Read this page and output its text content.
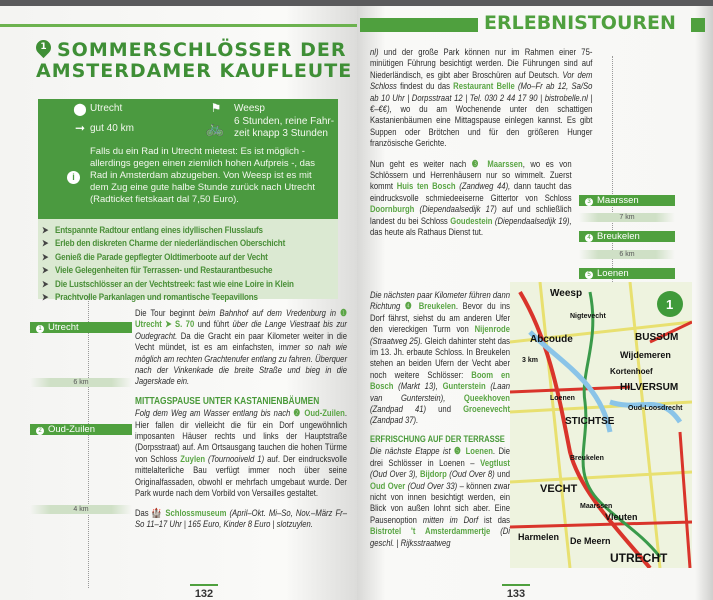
1 SOMMERSCHLÖSSER DER
AMSTERDAMER KAUFLEUTE
⬤ Utrecht
➞ gut 40 km
⚑ Weesp
🚲 6 Stunden, reine Fahr-
zeit knapp 3 Stunden
i
Falls du ein Rad in Utrecht mietest: Es ist möglich -
allerdings gegen einen ziemlich hohen Aufpreis -, das
Rad in Amsterdam abzugeben. Von Weesp ist es mit
dem Zug eine gute halbe Stunde zurück nach Utrecht
(Radticket fietskaart dal 7,50 Euro).
➤ Entspannte Radtour entlang eines idyllischen Flusslaufs
➤ Erleb den diskreten Charme der niederländischen Oberschicht
➤ Genieß die Parade gepflegter Oldtimerboote auf der Vecht
➤ Viele Gelegenheiten für Terrassen- und Restaurantbesuche
➤ Die Lustschlösser an der Vechtstreek: fast wie eine Loire in Klein
➤ Prachtvolle Parkanlagen und romantische Teepavillons
1 Utrecht
6 km
2 Oud-Zuilen
4 km

Die Tour beginnt beim Bahnhof auf dem Vredenburg in ❶ Utrecht ➤ S. 70 und führt über die Lange Viestraat bis zur Oudegracht. Da die Gracht ein paar Kilometer weiter in die Vecht mündet, ist es am einfachsten, immer so nah wie möglich am rechten Grachtenufer entlang zu fahren. Überquer nach der Vinkenkade die breite Straße und bieg in die Jagerskade ein.

MITTAGSPAUSE UNTER KASTANIENBÄUMEN

Folg dem Weg am Wasser entlang bis nach ❷ Oud-Zuilen. Hier fallen dir vielleicht die für ein Dorf ungewöhnlich imposanten Häuser rechts und links der Hauptstraße (Dorpsstraat) auf. Am Ortsausgang tauchen die hohen Türme von Schloss Zuylen (Tournooiveld 1) auf. Der eindrucksvolle mittelalterliche Bau verfügt immer noch über seine Originalfassaden, obwohl er mehrfach umgebaut wurde. Der Park wurde nach dem Vorbild von Versailles gestaltet.

Das 🏰 Schlossmuseum (April–Okt. Mi–So, Nov.–März Fr–So 11–17 Uhr | 165 Euro, Kinder 8 Euro | slotzuylen.

132
ERLEBNISTOUREN

nl) und der große Park können nur im Rahmen einer 75-minütigen Führung besichtigt werden. Die Führungen sind auf Niederländisch, es gibt aber Broschüren auf Deutsch. Vor dem Schloss findest du das Restaurant Belle (Mo–Fr ab 12, Sa/So ab 10 Uhr | Dorpsstraat 12 | Tel. 030 2 44 17 90 | bistrobelle.nl | €–€€), wo du am Wochenende unter den schattigen Kastanienbäumen eine Mittagspause einlegen kannst. Es gibt Suppen oder Brötchen und für den größeren Hunger französische Gerichte.

Nun geht es weiter nach ❸ Maarssen, wo es von Schlössern und Herrenhäusern nur so wimmelt. Zuerst kommt Huis ten Bosch (Zandweg 44), dann taucht das eindrucksvolle schmiedeeiserne Gittertor von Schloss Doornburgh (Diependaalsedijk 17) auf und schließlich landest du bei Schloss Goudestein (Diependaalsedijk 19), das heute als Rathaus Dienst tut.

3 Maarssen
7 km
4 Breukelen
6 km
5 Loenen

Die nächsten paar Kilometer führen dann Richtung ❹ Breukelen. Bevor du ins Dorf fährst, siehst du am anderen Ufer den viereckigen Turm von Nijenrode (Straatweg 25). Gleich dahinter steht das im 13. Jh. erbaute Schloss. In Breukelen stehen an beiden Ufern der Vecht aber noch weitere Schlösser: Boom en Bosch (Markt 13), Gunterstein (Laan van Gunterstein), Queekhoven (Zandpad 41) und Groenevecht (Zandpad 37).

ERFRISCHUNG AUF DER TERRASSE

Die nächste Etappe ist ❺ Loenen. Die drei Schlösser in Loenen – Vegtlust (Oud Over 3), Bijdorp (Oud Over 8) und Oud Over (Oud Over 33) – können zwar nicht von innen besichtigt werden, ein Blick von außen lohnt sich aber. Eine Pausenoption mitten im Dorf ist das Bistrotel 't Amsterdammertje (Di geschl. | Rijksstraatweg

Weesp
Abcoude	BUSSUM
Wijdemeren
Kortenhoef
HILVERSUM
STICHTSE
VECHT
Breukelen
Vleuten
Harmelen De Meern
UTRECHT
Maarssen
Loenen
Nigtevecht
3 km
Oud-Loosdrecht
1
133
